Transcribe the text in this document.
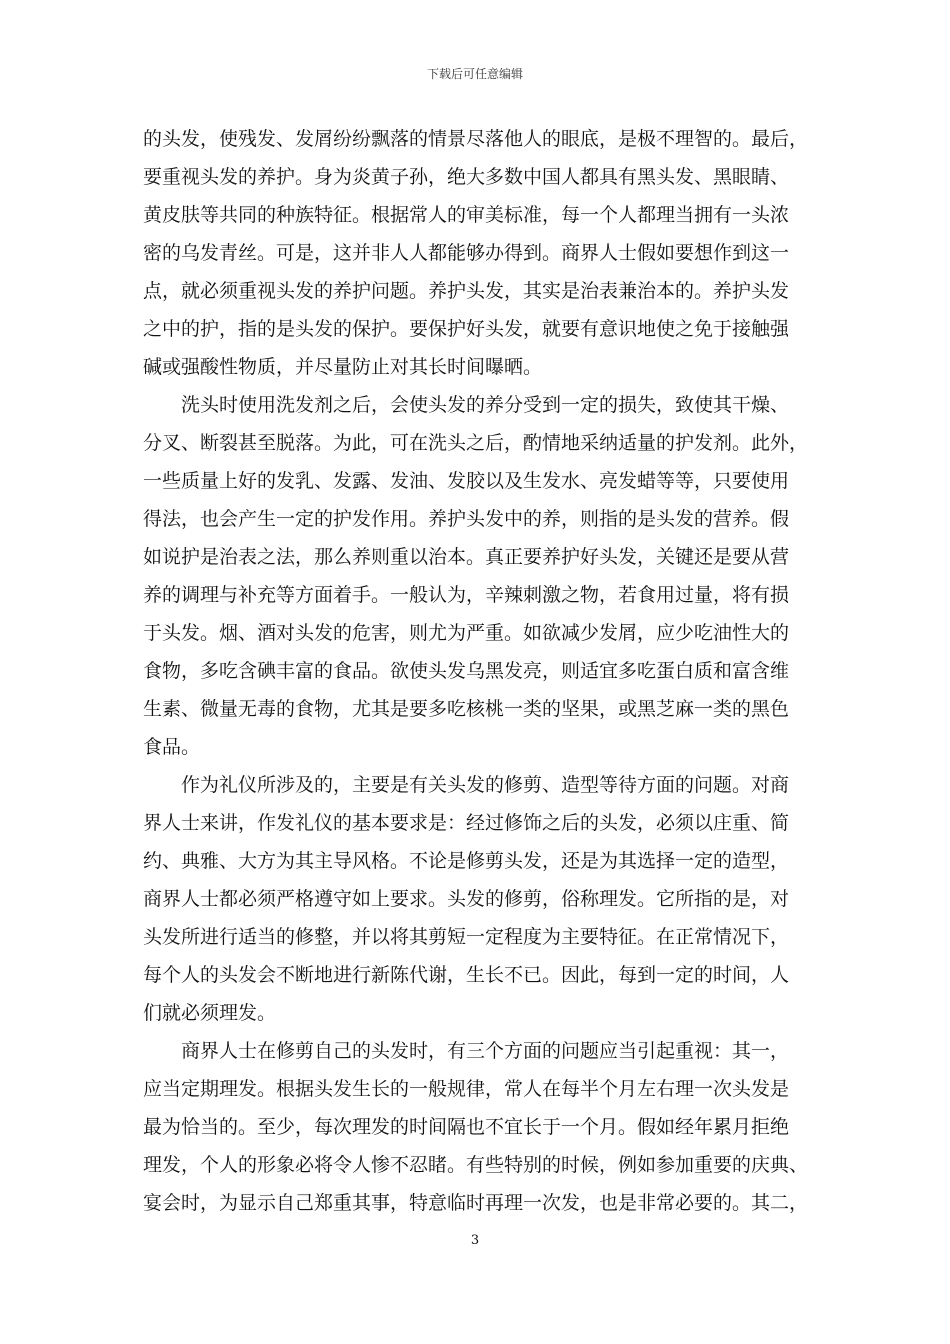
下载后可任意编辑
的头发，使残发、发屑纷纷飘落的情景尽落他人的眼底，是极不理智的。最后，
要重视头发的养护。身为炎黄子孙，绝大多数中国人都具有黑头发、黑眼睛、
黄皮肤等共同的种族特征。根据常人的审美标准，每一个人都理当拥有一头浓
密的乌发青丝。可是，这并非人人都能够办得到。商界人士假如要想作到这一
点，就必须重视头发的养护问题。养护头发，其实是治表兼治本的。养护头发
之中的护，指的是头发的保护。要保护好头发，就要有意识地使之免于接触强
碱或强酸性物质，并尽量防止对其长时间曝晒。
　　洗头时使用洗发剂之后，会使头发的养分受到一定的损失，致使其干燥、
分叉、断裂甚至脱落。为此，可在洗头之后，酌情地采纳适量的护发剂。此外，
一些质量上好的发乳、发露、发油、发胶以及生发水、亮发蜡等等，只要使用
得法，也会产生一定的护发作用。养护头发中的养，则指的是头发的营养。假
如说护是治表之法，那么养则重以治本。真正要养护好头发，关键还是要从营
养的调理与补充等方面着手。一般认为，辛辣刺激之物，若食用过量，将有损
于头发。烟、酒对头发的危害，则尤为严重。如欲减少发屑，应少吃油性大的
食物，多吃含碘丰富的食品。欲使头发乌黑发亮，则适宜多吃蛋白质和富含维
生素、微量无毒的食物，尤其是要多吃核桃一类的坚果，或黑芝麻一类的黑色
食品。
　　作为礼仪所涉及的，主要是有关头发的修剪、造型等待方面的问题。对商
界人士来讲，作发礼仪的基本要求是：经过修饰之后的头发，必须以庄重、简
约、典雅、大方为其主导风格。不论是修剪头发，还是为其选择一定的造型，
商界人士都必须严格遵守如上要求。头发的修剪，俗称理发。它所指的是，对
头发所进行适当的修整，并以将其剪短一定程度为主要特征。在正常情况下，
每个人的头发会不断地进行新陈代谢，生长不已。因此，每到一定的时间，人
们就必须理发。
　　商界人士在修剪自己的头发时，有三个方面的问题应当引起重视：其一，
应当定期理发。根据头发生长的一般规律，常人在每半个月左右理一次头发是
最为恰当的。至少，每次理发的时间隔也不宜长于一个月。假如经年累月拒绝
理发，个人的形象必将令人惨不忍睹。有些特别的时候，例如参加重要的庆典、
宴会时，为显示自己郑重其事，特意临时再理一次发，也是非常必要的。其二，
3
